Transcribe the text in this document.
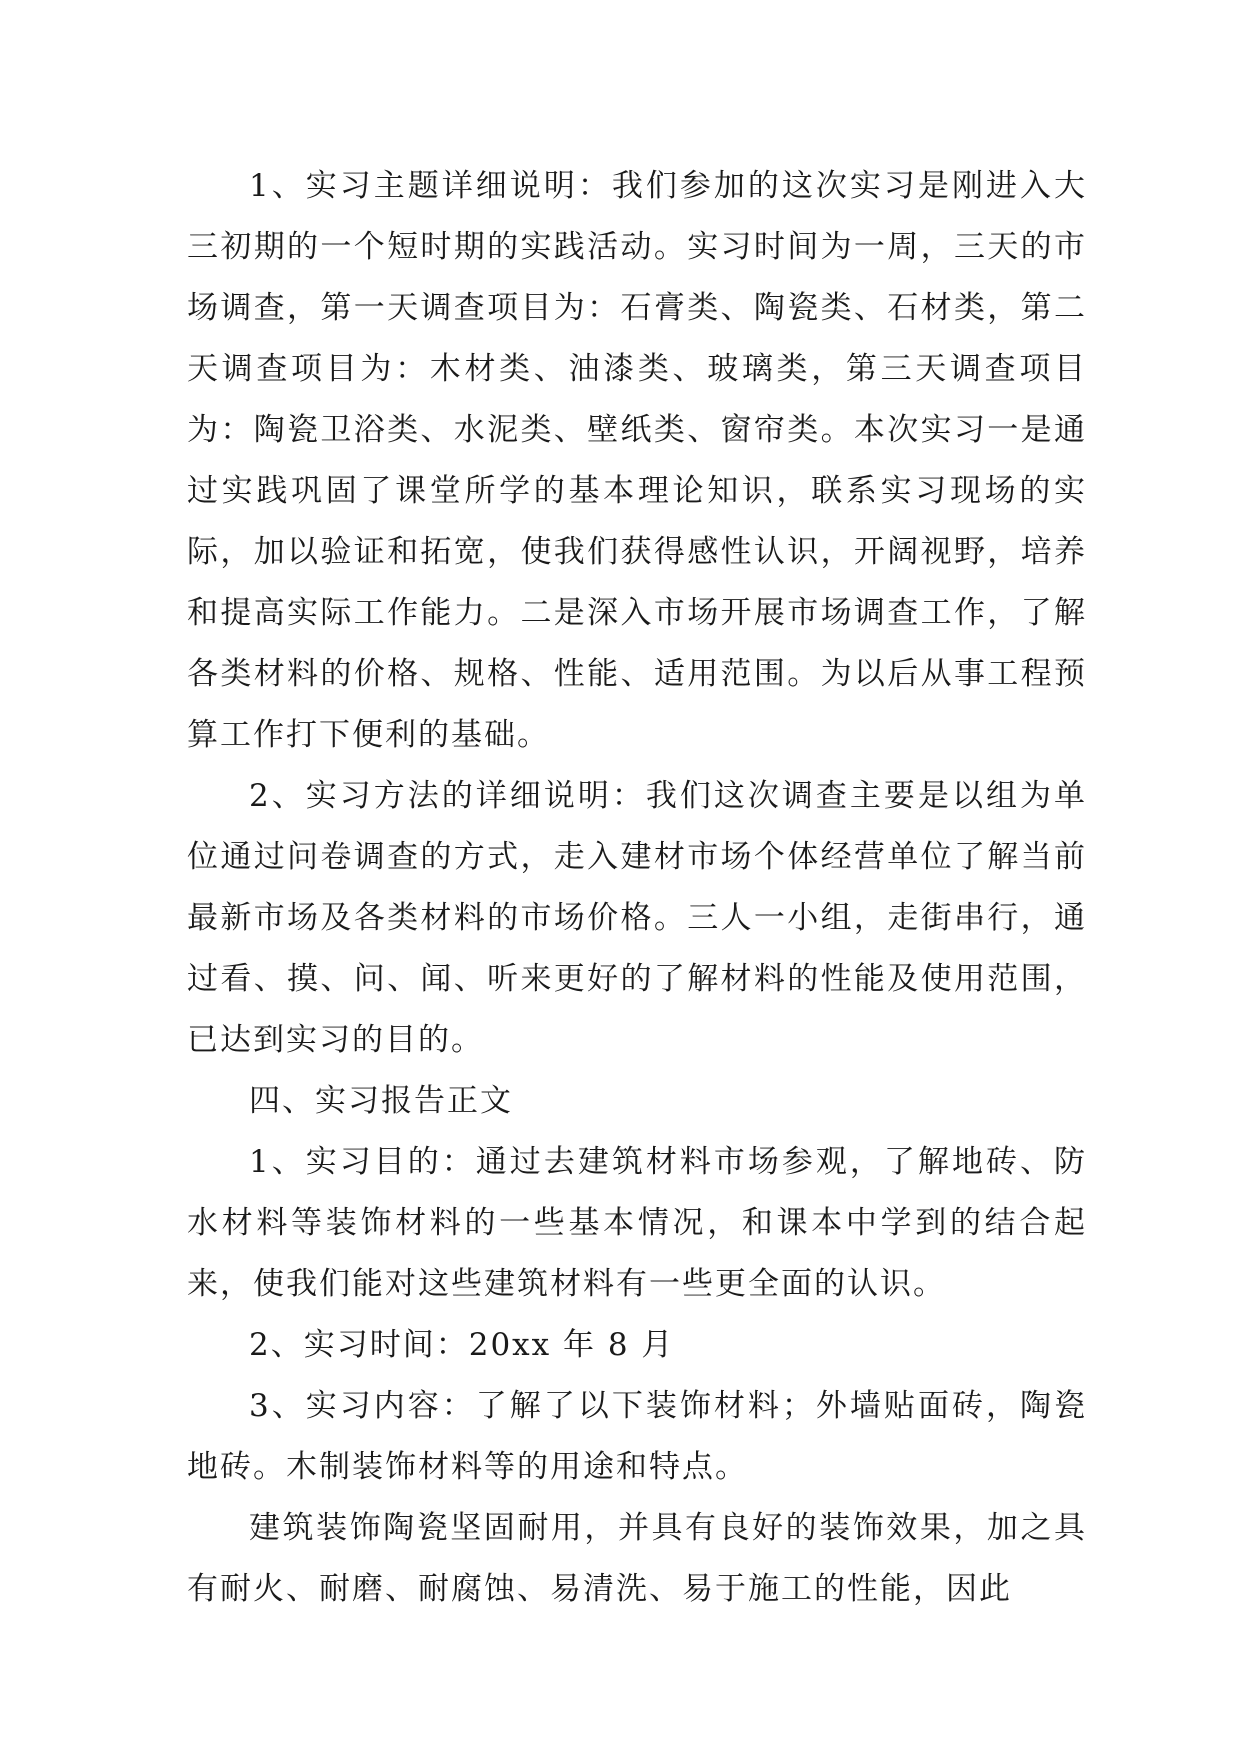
1、实习主题详细说明：我们参加的这次实习是刚进入大三初期的一个短时期的实践活动。实习时间为一周，三天的市场调查，第一天调查项目为：石膏类、陶瓷类、石材类，第二天调查项目为：木材类、油漆类、玻璃类，第三天调查项目为：陶瓷卫浴类、水泥类、壁纸类、窗帘类。本次实习一是通过实践巩固了课堂所学的基本理论知识，联系实习现场的实际，加以验证和拓宽，使我们获得感性认识，开阔视野，培养和提高实际工作能力。二是深入市场开展市场调查工作，了解各类材料的价格、规格、性能、适用范围。为以后从事工程预算工作打下便利的基础。

2、实习方法的详细说明：我们这次调查主要是以组为单位通过问卷调查的方式，走入建材市场个体经营单位了解当前最新市场及各类材料的市场价格。三人一小组，走街串行，通过看、摸、问、闻、听来更好的了解材料的性能及使用范围，已达到实习的目的。

四、实习报告正文

1、实习目的：通过去建筑材料市场参观，了解地砖、防水材料等装饰材料的一些基本情况，和课本中学到的结合起来，使我们能对这些建筑材料有一些更全面的认识。

2、实习时间：20xx 年 8 月

3、实习内容：了解了以下装饰材料；外墙贴面砖，陶瓷地砖。木制装饰材料等的用途和特点。

建筑装饰陶瓷坚固耐用，并具有良好的装饰效果，加之具有耐火、耐磨、耐腐蚀、易清洗、易于施工的性能，因此
